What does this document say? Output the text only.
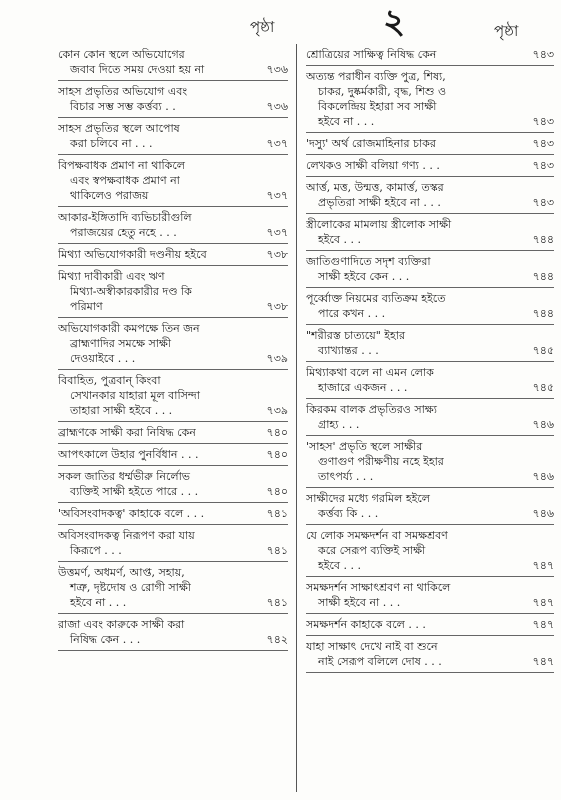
পৃষ্ঠা	২	পৃষ্ঠা
কোন কোন স্থলে অভিযোগের
জবাব দিতে সময় দেওয়া হয় না	৭৩৬
সাহস প্রভৃতির অভিযোগ এবং
বিচার সম্ভ সম্ভ কর্ত্তব্য . .	৭৩৬
সাহস প্রভৃতির স্থলে আপোষ
করা চলিবে না . . .	৭৩৭
বিপক্ষবাধক প্রমাণ না থাকিলে
এবং স্বপক্ষবাধক প্রমাণ না
থাকিলেও পরাজয়	৭৩৭
আকার-ইঙ্গিতাদি ব্যভিচারীগুলি
পরাজয়ের হেতু নহে . . .	৭৩৭
মিথ্যা অভিযোগকারী দণ্ডনীয় হইবে	৭৩৮
মিথ্যা দাবীকারী এবং ঋণ
মিথ্যা-অস্বীকারকারীর দণ্ড কি
পরিমাণ	৭৩৮
অভিযোগকারী কমপক্ষে তিন জন
ব্রাহ্মণাদির সমক্ষে সাক্ষী
দেওয়াইবে . . .	৭৩৯
বিবাহিত, পুত্রবান্ কিংবা
সেখানকার যাহারা মূল বাসিন্দা
তাহারা সাক্ষী হইবে . . .	৭৩৯
ব্রাহ্মণকে সাক্ষী করা নিষিদ্ধ কেন	৭৪০
আপৎকালে উহার পুনর্বিধান . . .	৭৪০
সকল জাতির ধর্ম্মভীরু নির্লোভ
ব্যক্তিই সাক্ষী হইতে পারে . . .	৭৪০
'অবিসংবাদকত্ব' কাহাকে বলে . . .	৭৪১
অবিসংবাদকত্ব নিরূপণ করা যায়
কিরূপে . . .	৭৪১
উত্তমর্ণ, অধমর্ণ, আপ্ত, সহায়,
শত্রু, দৃষ্টদোষ ও রোগী সাক্ষী
হইবে না . . .	৭৪১
রাজা এবং কারুকে সাক্ষী করা
নিষিদ্ধ কেন . . .	৭৪২
শ্রোত্রিয়ের সাক্ষিত্ব নিষিদ্ধ কেন	৭৪৩
অত্যন্ত পরাধীন ব্যক্তি পুত্র, শিষ্য,
চাকর, দুষ্কর্মকারী, বৃদ্ধ, শিশু ও
বিকলেন্দ্রিয় ইহারা সব সাক্ষী
হইবে না . . .	৭৪৩
'দস্যু' অর্থ রোজমাহিনার চাকর	৭৪৩
লেখকও সাক্ষী বলিয়া গণ্য . . .	৭৪৩
আর্ত্ত, মত্ত, উন্মত্ত, কামার্ত্ত, তস্কর
প্রভৃতিরা সাক্ষী হইবে না . . .	৭৪৩
স্ত্রীলোকের মামলায় স্ত্রীলোক সাক্ষী
হইবে . . .	৭৪৪
জাতিগুণাদিতে সদৃশ ব্যক্তিরা
সাক্ষী হইবে কেন . . .	৭৪৪
পূর্ব্বোক্ত নিয়মের ব্যতিক্রম হইতে
পারে কখন . . .	৭৪৪
"শরীরস্ত চাত্যয়ে" ইহার
ব্যাখ্যান্তর . . .	৭৪৫
মিথ্যাকথা বলে না এমন লোক
হাজারে একজন . . .	৭৪৫
কিরকম বালক প্রভৃতিরও সাক্ষ্য
গ্রাহ্য . . .	৭৪৬
'সাহস' প্রভৃতি স্থলে সাক্ষীর
গুণাগুণ পরীক্ষণীয় নহে ইহার
তাৎপর্য্য . . .	৭৪৬
সাক্ষীদের মধ্যে গরমিল হইলে
কর্ত্তব্য কি . . .	৭৪৬
যে লোক সমক্ষদর্শন বা সমক্ষশ্রবণ
করে সেরূপ ব্যক্তিই সাক্ষী
হইবে . . .	৭৪৭
সমক্ষদর্শন সাক্ষাৎশ্রবণ না থাকিলে
সাক্ষী হইবে না . . .	৭৪৭
সমক্ষদর্শন কাহাকে বলে . . .	৭৪৭
যাহা সাক্ষাৎ দেখে নাই বা শুনে
নাই সেরূপ বলিলে দোষ . . .	৭৪৭
